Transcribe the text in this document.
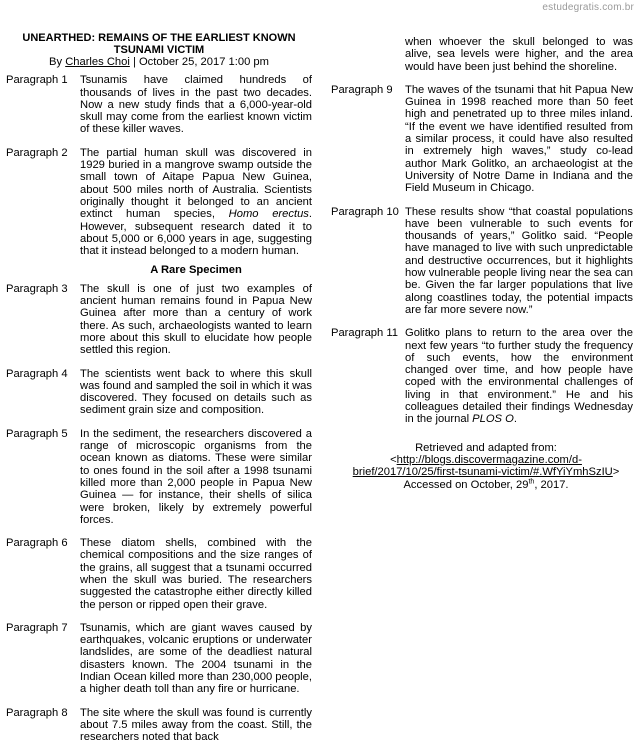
estudegratis.com.br
UNEARTHED: REMAINS OF THE EARLIEST KNOWN TSUNAMI VICTIM
By Charles Choi | October 25, 2017 1:00 pm
Paragraph 1	Tsunamis have claimed hundreds of thousands of lives in the past two decades. Now a new study finds that a 6,000-year-old skull may come from the earliest known victim of these killer waves.
Paragraph 2	The partial human skull was discovered in 1929 buried in a mangrove swamp outside the small town of Aitape Papua New Guinea, about 500 miles north of Australia. Scientists originally thought it belonged to an ancient extinct human species, Homo erectus. However, subsequent research dated it to about 5,000 or 6,000 years in age, suggesting that it instead belonged to a modern human.
A Rare Specimen
Paragraph 3	The skull is one of just two examples of ancient human remains found in Papua New Guinea after more than a century of work there. As such, archaeologists wanted to learn more about this skull to elucidate how people settled this region.
Paragraph 4	The scientists went back to where this skull was found and sampled the soil in which it was discovered. They focused on details such as sediment grain size and composition.
Paragraph 5	In the sediment, the researchers discovered a range of microscopic organisms from the ocean known as diatoms. These were similar to ones found in the soil after a 1998 tsunami killed more than 2,000 people in Papua New Guinea — for instance, their shells of silica were broken, likely by extremely powerful forces.
Paragraph 6	These diatom shells, combined with the chemical compositions and the size ranges of the grains, all suggest that a tsunami occurred when the skull was buried. The researchers suggested the catastrophe either directly killed the person or ripped open their grave.
Paragraph 7	Tsunamis, which are giant waves caused by earthquakes, volcanic eruptions or underwater landslides, are some of the deadliest natural disasters known. The 2004 tsunami in the Indian Ocean killed more than 230,000 people, a higher death toll than any fire or hurricane.
Paragraph 8	The site where the skull was found is currently about 7.5 miles away from the coast. Still, the researchers noted that back
when whoever the skull belonged to was alive, sea levels were higher, and the area would have been just behind the shoreline.
Paragraph 9	The waves of the tsunami that hit Papua New Guinea in 1998 reached more than 50 feet high and penetrated up to three miles inland. “If the event we have identified resulted from a similar process, it could have also resulted in extremely high waves,” study co-lead author Mark Golitko, an archaeologist at the University of Notre Dame in Indiana and the Field Museum in Chicago.
Paragraph 10 These results show “that coastal populations have been vulnerable to such events for thousands of years,” Golitko said. “People have managed to live with such unpredictable and destructive occurrences, but it highlights how vulnerable people living near the sea can be. Given the far larger populations that live along coastlines today, the potential impacts are far more severe now.”
Paragraph 11 Golitko plans to return to the area over the next few years “to further study the frequency of such events, how the environment changed over time, and how people have coped with the environmental challenges of living in that environment.” He and his colleagues detailed their findings Wednesday in the journal PLOS O.
Retrieved and adapted from:
<http://blogs.discovermagazine.com/d-brief/2017/10/25/first-tsunami-victim/#.WfYiYmhSzIU>
Accessed on October, 29th, 2017.
